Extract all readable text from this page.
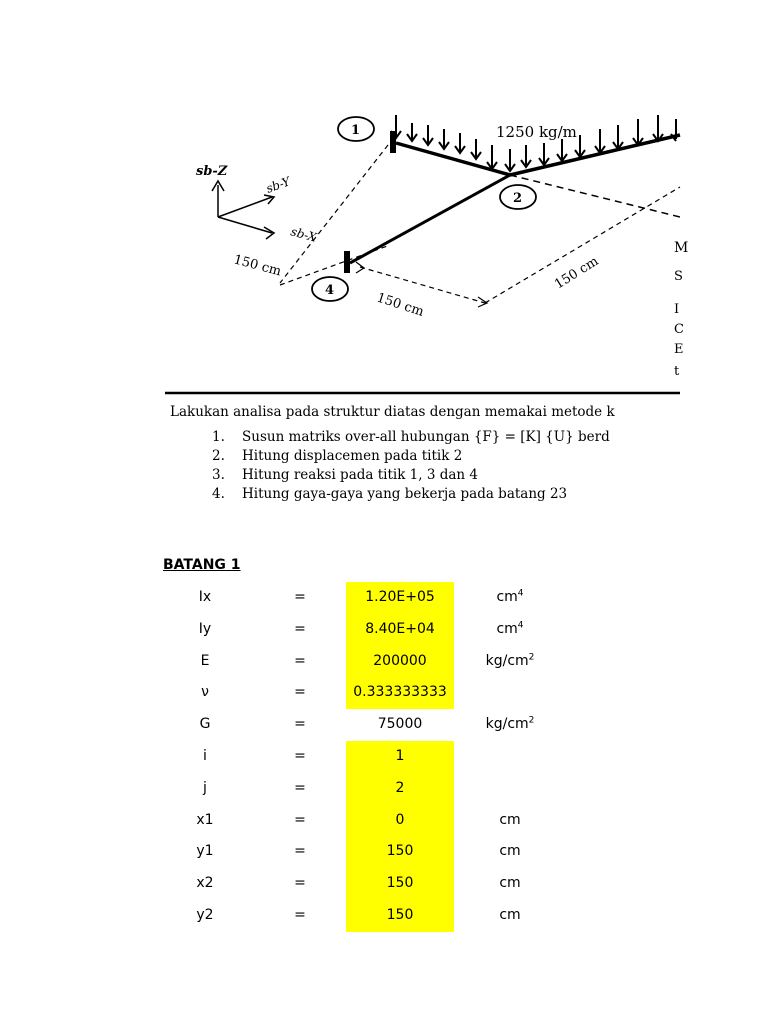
sb-Z
sb-Y
sb-X
150 cm
1250 kg/m
1
2
4
150 cm
150 cm
M
S
I
C
E
t
Lakukan analisa pada struktur diatas dengan memakai metode k
1. Susun matriks over-all hubungan {F} = [K] {U} berd
2. Hitung displacemen pada titik 2
3. Hitung reaksi pada titik 1, 3 dan 4
4. Hitung gaya-gaya yang bekerja pada batang 23
BATANG 1
Ix	=	1.20E+05	$cm^4$
Iy	=	8.40E+04	$cm^4$
E	=	200000	$kg/cm^2$
ν	=	0.333333333
G	=	75000	$kg/cm^2$
i	=	1
j	=	2
x1	=	0	cm
y1	=	150	cm
x2	=	150	cm
y2	=	150	cm
